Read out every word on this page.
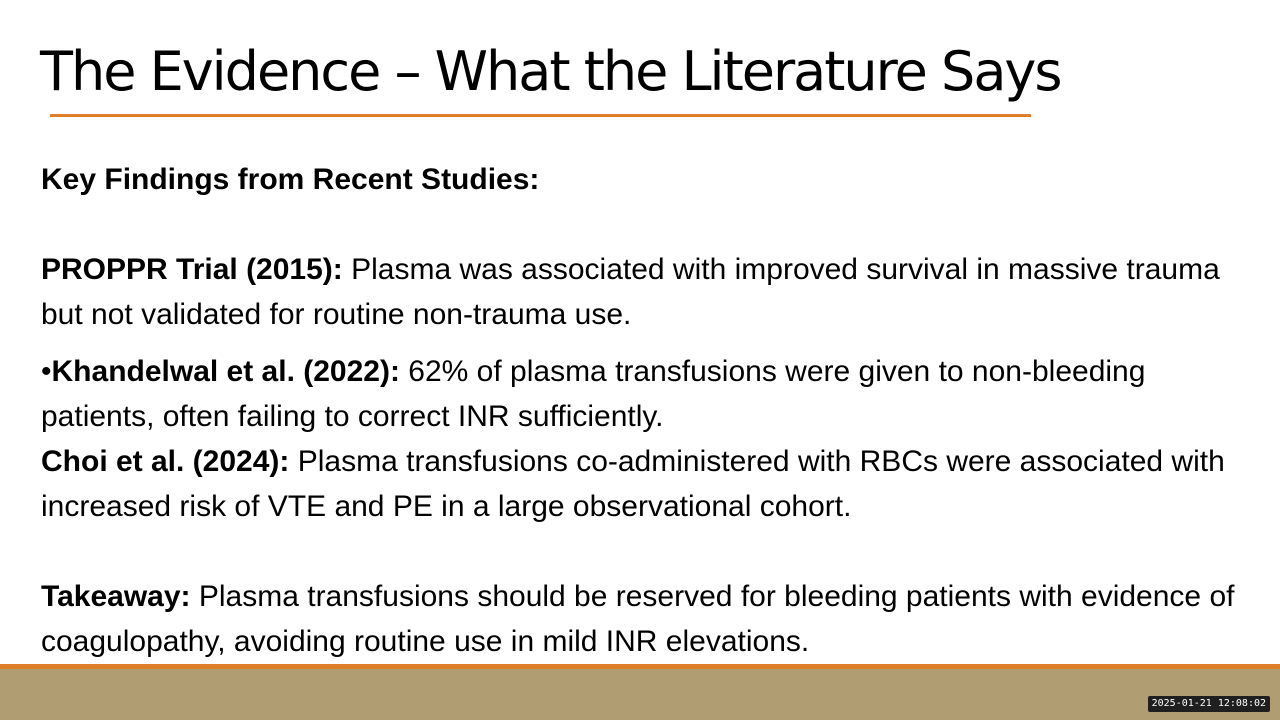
The Evidence – What the Literature Says

Key Findings from Recent Studies:

PROPPR Trial (2015): Plasma was associated with improved survival in massive trauma but not validated for routine non-trauma use.

•Khandelwal et al. (2022): 62% of plasma transfusions were given to non-bleeding patients, often failing to correct INR sufficiently.

Choi et al. (2024): Plasma transfusions co-administered with RBCs were associated with increased risk of VTE and PE in a large observational cohort.

Takeaway: Plasma transfusions should be reserved for bleeding patients with evidence of coagulopathy, avoiding routine use in mild INR elevations.

2025-01-21 12:08:02
